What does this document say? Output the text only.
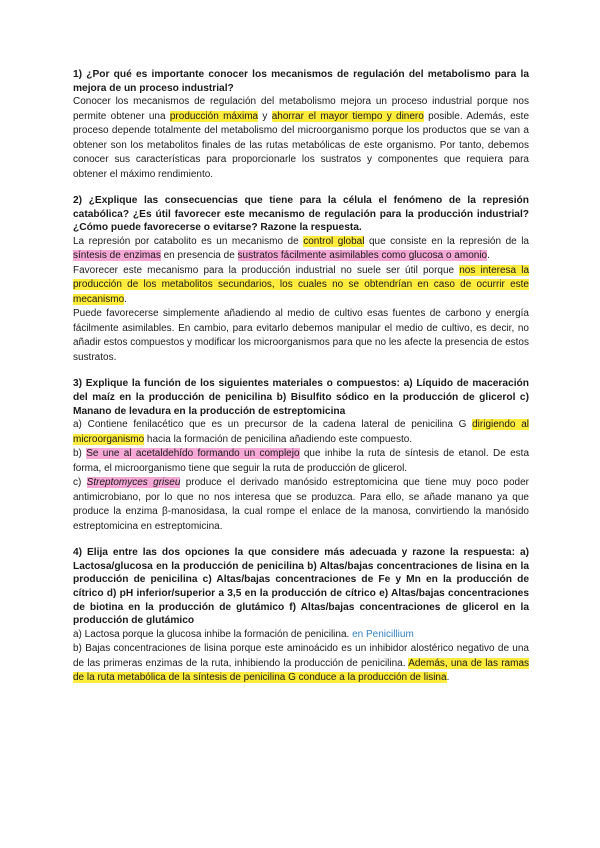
1) ¿Por qué es importante conocer los mecanismos de regulación del metabolismo para la mejora de un proceso industrial?

Conocer los mecanismos de regulación del metabolismo mejora un proceso industrial porque nos permite obtener una producción máxima y ahorrar el mayor tiempo y dinero posible. Además, este proceso depende totalmente del metabolismo del microorganismo porque los productos que se van a obtener son los metabolitos finales de las rutas metabólicas de este organismo. Por tanto, debemos conocer sus características para proporcionarle los sustratos y componentes que requiera para obtener el máximo rendimiento.

2) ¿Explique las consecuencias que tiene para la célula el fenómeno de la represión catabólica? ¿Es útil favorecer este mecanismo de regulación para la producción industrial? ¿Cómo puede favorecerse o evitarse? Razone la respuesta.

La represión por catabolito es un mecanismo de control global que consiste en la represión de la síntesis de enzimas en presencia de sustratos fácilmente asimilables como glucosa o amonio.

Favorecer este mecanismo para la producción industrial no suele ser útil porque nos interesa la producción de los metabolitos secundarios, los cuales no se obtendrían en caso de ocurrir este mecanismo.

Puede favorecerse simplemente añadiendo al medio de cultivo esas fuentes de carbono y energía fácilmente asimilables. En cambio, para evitarlo debemos manipular el medio de cultivo, es decir, no añadir estos compuestos y modificar los microorganismos para que no les afecte la presencia de estos sustratos.

3) Explique la función de los siguientes materiales o compuestos: a) Líquido de maceración del maíz en la producción de penicilina b) Bisulfito sódico en la producción de glicerol c) Manano de levadura en la producción de estreptomicina

a) Contiene fenilacético que es un precursor de la cadena lateral de penicilina G dirigiendo al microorganismo hacia la formación de penicilina añadiendo este compuesto.

b) Se une al acetaldehído formando un complejo que inhibe la ruta de síntesis de etanol. De esta forma, el microorganismo tiene que seguir la ruta de producción de glicerol.

c) Streptomyces griseu produce el derivado manósido estreptomicina que tiene muy poco poder antimicrobiano, por lo que no nos interesa que se produzca. Para ello, se añade manano ya que produce la enzima β-manosidasa, la cual rompe el enlace de la manosa, convirtiendo la manósido estreptomicina en estreptomicina.

4) Elija entre las dos opciones la que considere más adecuada y razone la respuesta: a) Lactosa/glucosa en la producción de penicilina b) Altas/bajas concentraciones de lisina en la producción de penicilina c) Altas/bajas concentraciones de Fe y Mn en la producción de cítrico d) pH inferior/superior a 3,5 en la producción de cítrico e) Altas/bajas concentraciones de biotina en la producción de glutámico f) Altas/bajas concentraciones de glicerol en la producción de glutámico

a) Lactosa porque la glucosa inhibe la formación de penicilina. en Penicillium

b) Bajas concentraciones de lisina porque este aminoácido es un inhibidor alostérico negativo de una de las primeras enzimas de la ruta, inhibiendo la producción de penicilina. Además, una de las ramas de la ruta metabólica de la síntesis de penicilina G conduce a la producción de lisina.
